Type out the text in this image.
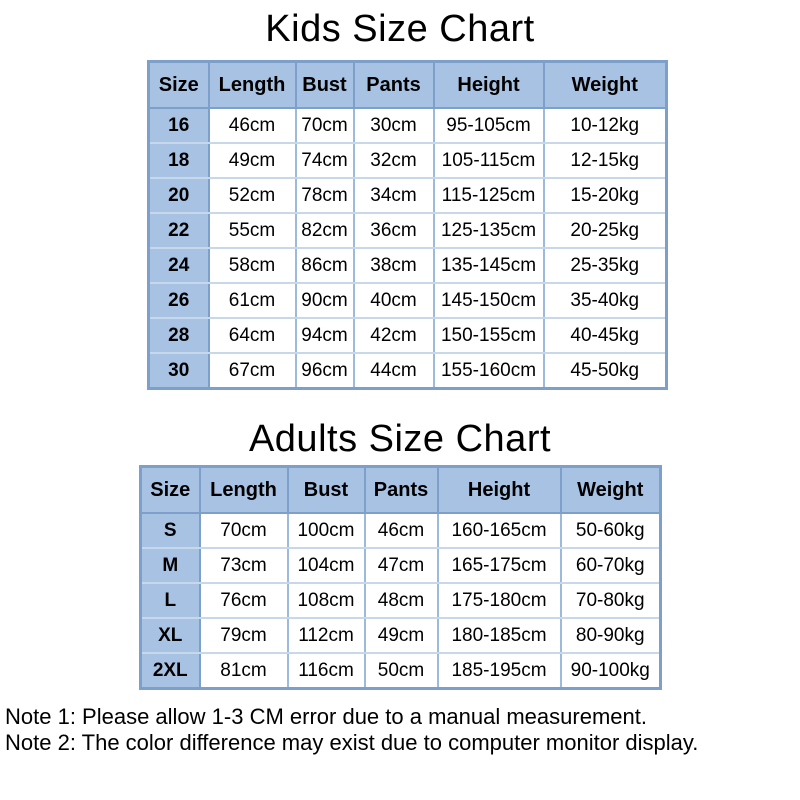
Kids Size Chart
Size	Length	Bust	Pants	Height	Weight
16	46cm	70cm	30cm	95-105cm	10-12kg
18	49cm	74cm	32cm	105-115cm	12-15kg
20	52cm	78cm	34cm	115-125cm	15-20kg
22	55cm	82cm	36cm	125-135cm	20-25kg
24	58cm	86cm	38cm	135-145cm	25-35kg
26	61cm	90cm	40cm	145-150cm	35-40kg
28	64cm	94cm	42cm	150-155cm	40-45kg
30	67cm	96cm	44cm	155-160cm	45-50kg
Adults Size Chart
Size	Length	Bust	Pants	Height	Weight
S	70cm	100cm	46cm	160-165cm	50-60kg
M	73cm	104cm	47cm	165-175cm	60-70kg
L	76cm	108cm	48cm	175-180cm	70-80kg
XL	79cm	112cm	49cm	180-185cm	80-90kg
2XL	81cm	116cm	50cm	185-195cm	90-100kg

Note 1: Please allow 1-3 CM error due to a manual measurement.

Note 2: The color difference may exist due to computer monitor display.
